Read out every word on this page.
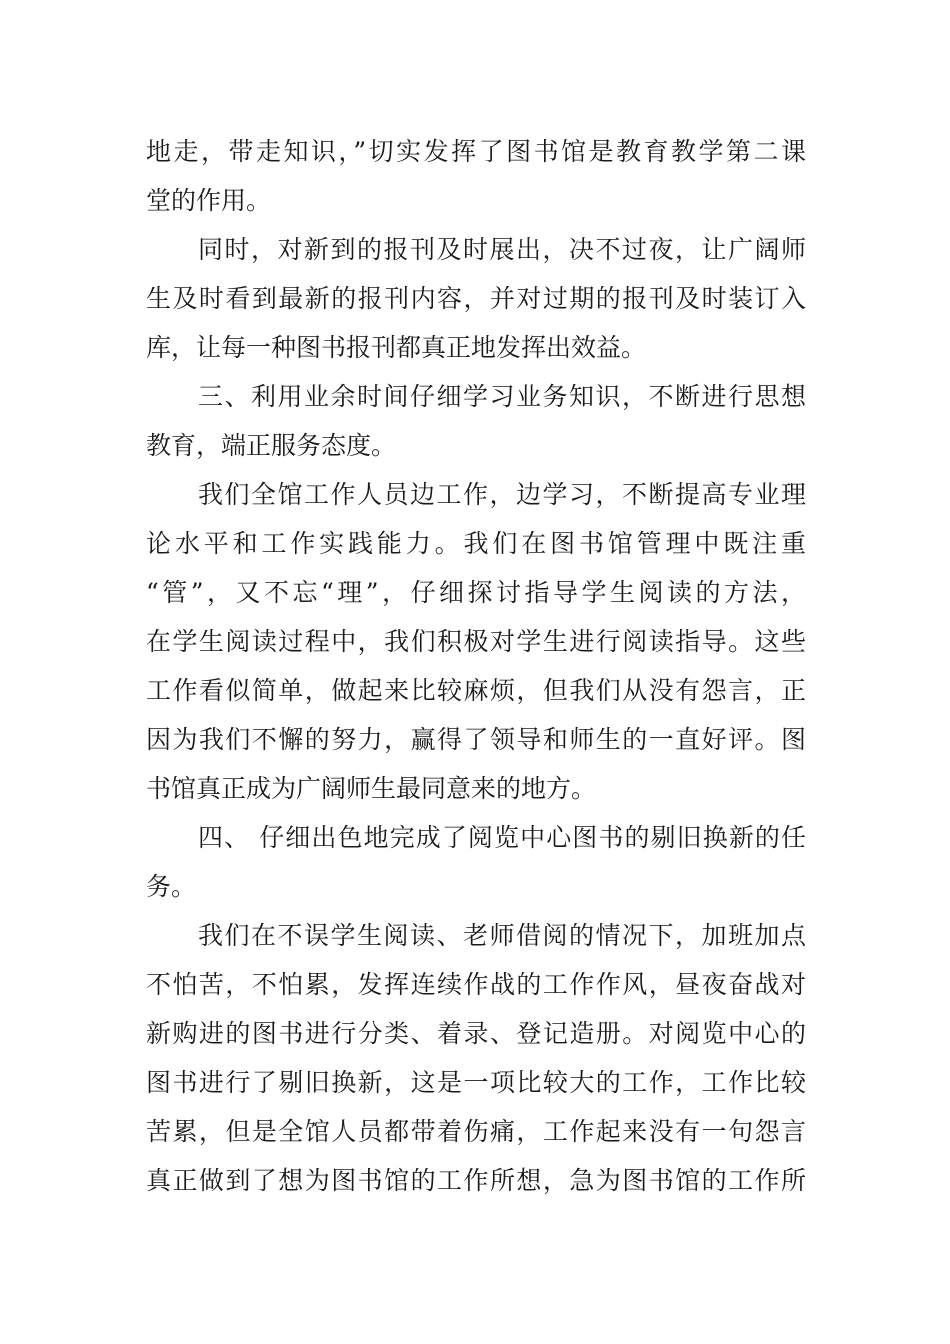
地走，带走知识，”切实发挥了图书馆是教育教学第二课
堂的作用。
同时，对新到的报刊及时展出，决不过夜，让广阔师
生及时看到最新的报刊内容，并对过期的报刊及时装订入
库，让每一种图书报刊都真正地发挥出效益。
三、利用业余时间仔细学习业务知识，不断进行思想
教育，端正服务态度。
我们全馆工作人员边工作，边学习，不断提高专业理
论水平和工作实践能力。我们在图书馆管理中既注重
“管”，又不忘“理”，仔细探讨指导学生阅读的方法，
在学生阅读过程中，我们积极对学生进行阅读指导。这些
工作看似简单，做起来比较麻烦，但我们从没有怨言，正
因为我们不懈的努力，赢得了领导和师生的一直好评。图
书馆真正成为广阔师生最同意来的地方。
四、 仔细出色地完成了阅览中心图书的剔旧换新的任
务。
我们在不误学生阅读、老师借阅的情况下，加班加点
不怕苦，不怕累，发挥连续作战的工作作风，昼夜奋战对
新购进的图书进行分类、着录、登记造册。对阅览中心的
图书进行了剔旧换新，这是一项比较大的工作，工作比较
苦累，但是全馆人员都带着伤痛，工作起来没有一句怨言
真正做到了想为图书馆的工作所想，急为图书馆的工作所
